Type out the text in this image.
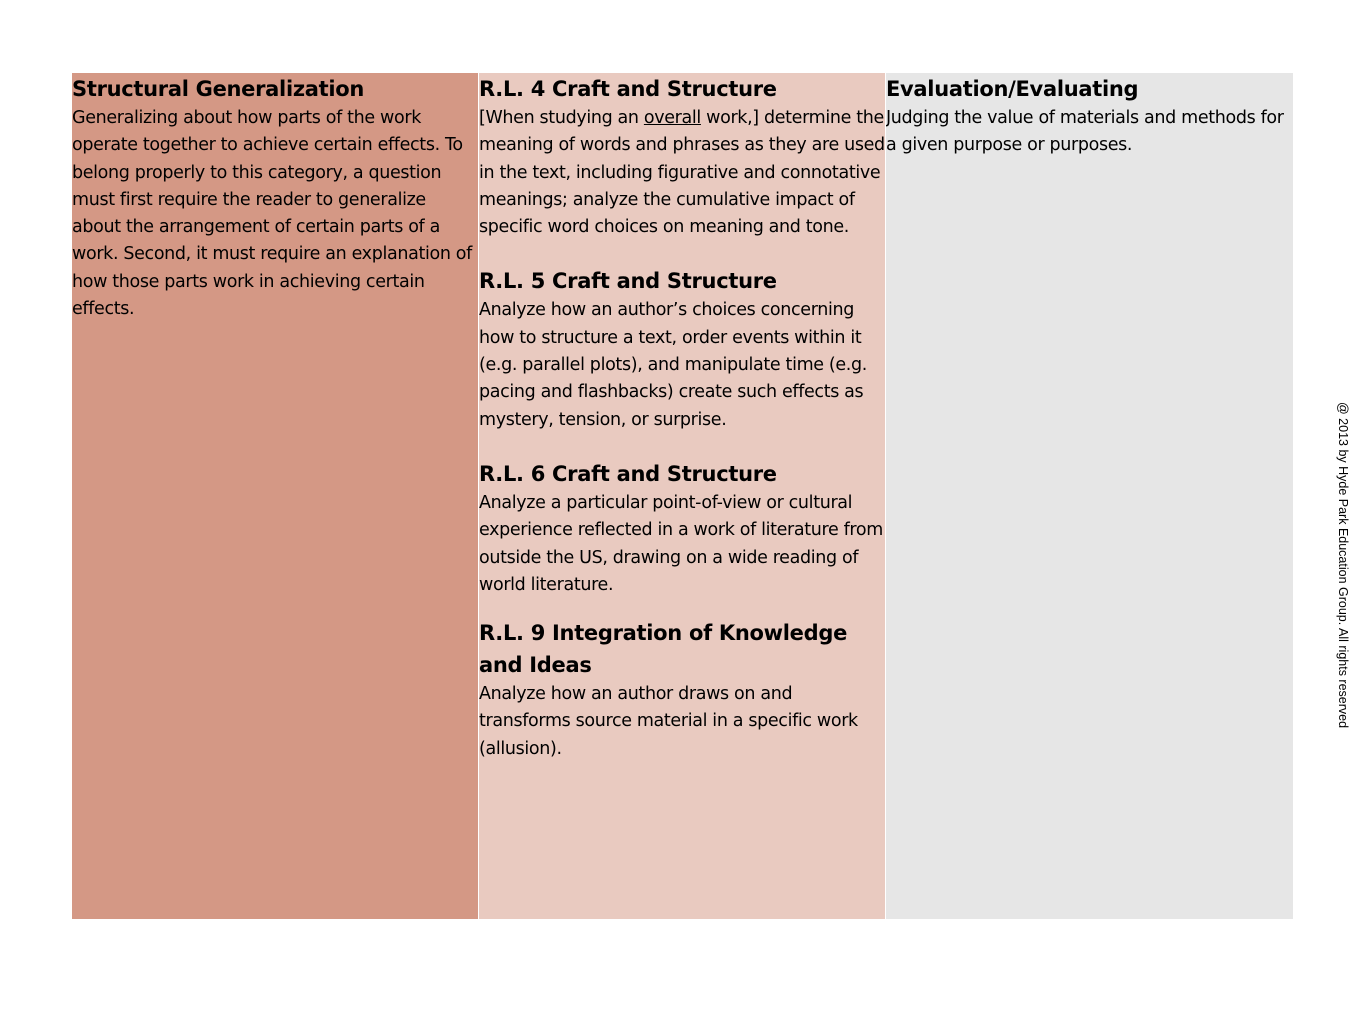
Structural Generalization

Generalizing about how parts of the work operate together to achieve certain effects. To belong properly to this category, a question must first require the reader to generalize about the arrangement of certain parts of a work. Second, it must require an explanation of how those parts work in achieving certain effects.

R.L. 4 Craft and Structure

[When studying an overall work,] determine the meaning of words and phrases as they are used in the text, including figurative and connotative meanings; analyze the cumulative impact of specific word choices on meaning and tone.

R.L. 5 Craft and Structure

Analyze how an author’s choices concerning how to structure a text, order events within it (e.g. parallel plots), and manipulate time (e.g. pacing and flashbacks) create such effects as mystery, tension, or surprise.

R.L. 6 Craft and Structure

Analyze a particular point-of-view or cultural experience reflected in a work of literature from outside the US, drawing on a wide reading of world literature.

R.L. 9 Integration of Knowledge and Ideas

Analyze how an author draws on and transforms source material in a specific work (allusion).

Evaluation/Evaluating

Judging the value of materials and methods for a given purpose or purposes.

@ 2013 by Hyde Park Education Group. All rights reserved
